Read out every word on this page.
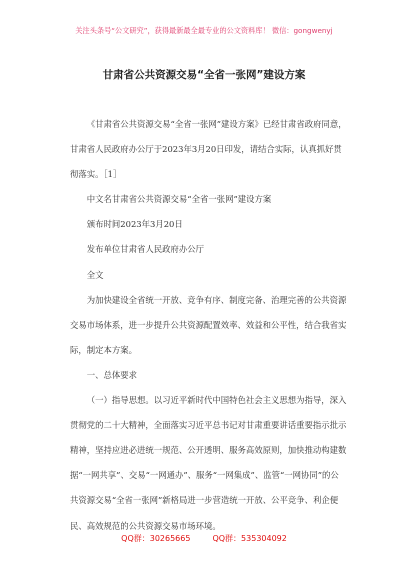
关注头条号“公文研究”，获得最新最全最专业的公文资料库！ 微信：gongwenyj
甘肃省公共资源交易“全省一张网”建设方案

《甘肃省公共资源交易“全省一张网”建设方案》已经甘肃省政府同意，甘肃省人民政府办公厅于2023年3月20日印发，请结合实际，认真抓好贯彻落实。［1］

中文名甘肃省公共资源交易“全省一张网”建设方案

颁布时间2023年3月20日

发布单位甘肃省人民政府办公厅

全文

为加快建设全省统一开放、竞争有序、制度完备、治理完善的公共资源交易市场体系，进一步提升公共资源配置效率、效益和公平性，结合我省实际，制定本方案。

一、总体要求

（一）指导思想。以习近平新时代中国特色社会主义思想为指导，深入贯彻党的二十大精神，全面落实习近平总书记对甘肃重要讲话重要指示批示精神，坚持应进必进统一规范、公开透明、服务高效原则，加快推动构建数据“一网共享”、交易“一网通办”、服务“一网集成”、监管“一网协同”的公共资源交易“全省一张网”新格局进一步营造统一开放、公平竞争、利企便民、高效规范的公共资源交易市场环境。

QQ群：30265665	QQ群：535304092
